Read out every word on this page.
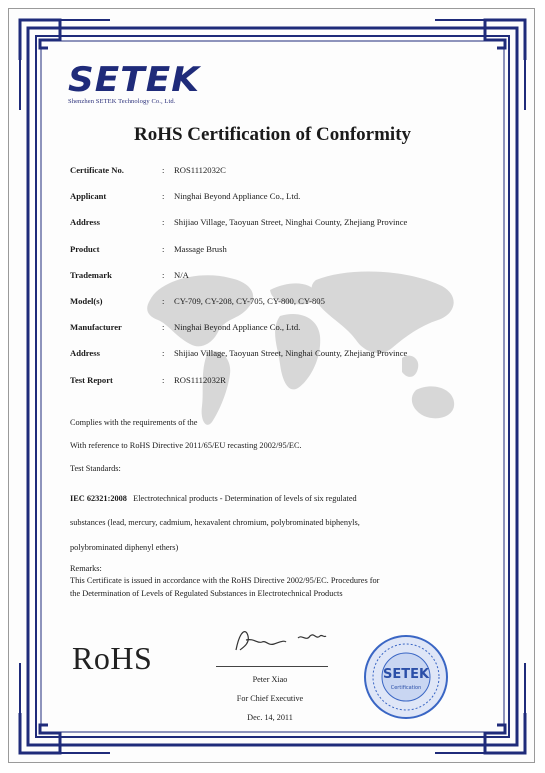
SETEK
Shenzhen SETEK Technology Co., Ltd.
RoHS Certification of Conformity
Certificate No.	: ROS1112032C
Applicant	: Ninghai Beyond Appliance Co., Ltd.
Address	: Shijiao Village, Taoyuan Street, Ninghai County, Zhejiang Province
Product	: Massage Brush
Trademark	: N/A
Model(s)	: CY-709, CY-208, CY-705, CY-800, CY-805
Manufacturer	: Ninghai Beyond Appliance Co., Ltd.
Address	: Shijiao Village, Taoyuan Street, Ninghai County, Zhejiang Province
Test Report	: ROS1112032R
Complies with the requirements of the
With reference to RoHS Directive 2011/65/EU recasting 2002/95/EC.
Test Standards:
IEC 62321:2008 Electrotechnical products - Determination of levels of six regulated
substances (lead, mercury, cadmium, hexavalent chromium, polybrominated biphenyls,
polybrominated diphenyl ethers)
Remarks:
This Certificate is issued in accordance with the RoHS Directive 2002/95/EC. Procedures for
the Determination of Levels of Regulated Substances in Electrotechnical Products
RoHS
Peter Xiao
For Chief Executive
Dec. 14, 2011
SETEK
Certification
